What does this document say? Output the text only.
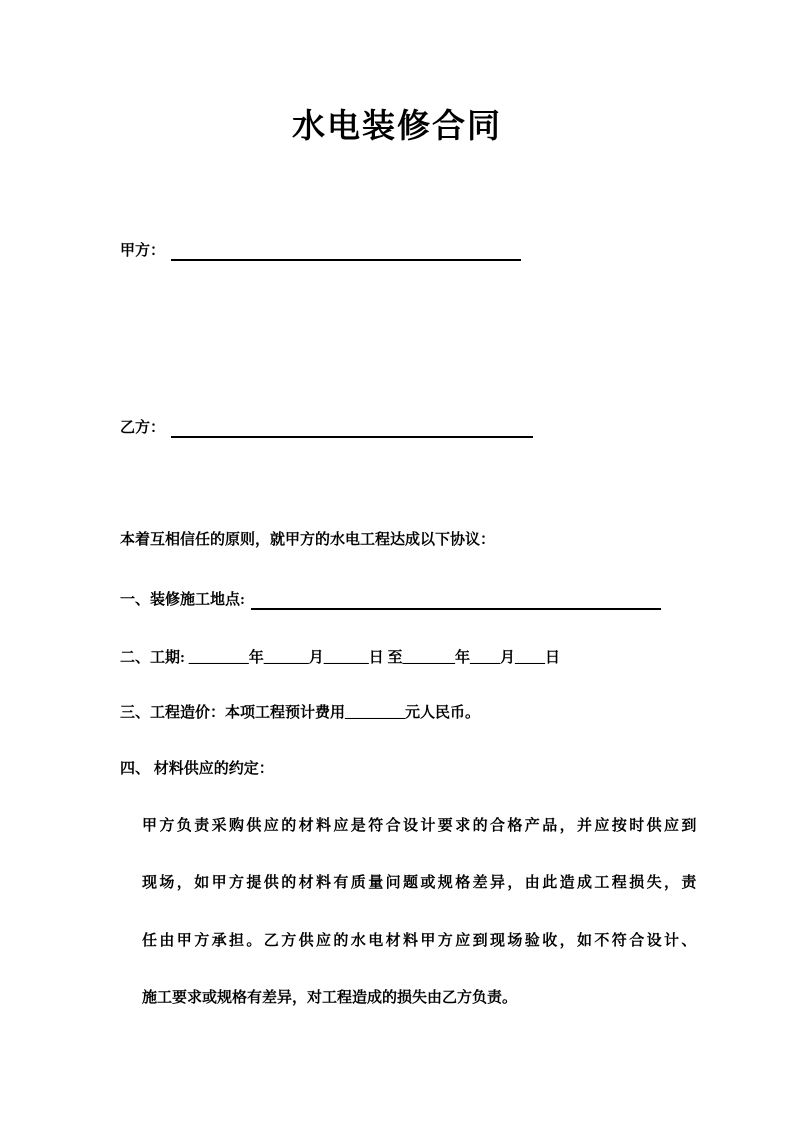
水电装修合同
甲方：
乙方：
本着互相信任的原则，就甲方的水电工程达成以下协议：
一、装修施工地点:
二、工期: ________年______月______日 至_______年____月____日
三、工程造价：本项工程预计费用________元人民币。
四、 材料供应的约定：
甲方负责采购供应的材料应是符合设计要求的合格产品，并应按时供应到
现场，如甲方提供的材料有质量问题或规格差异，由此造成工程损失，责
任由甲方承担。乙方供应的水电材料甲方应到现场验收，如不符合设计、
施工要求或规格有差异，对工程造成的损失由乙方负责。
